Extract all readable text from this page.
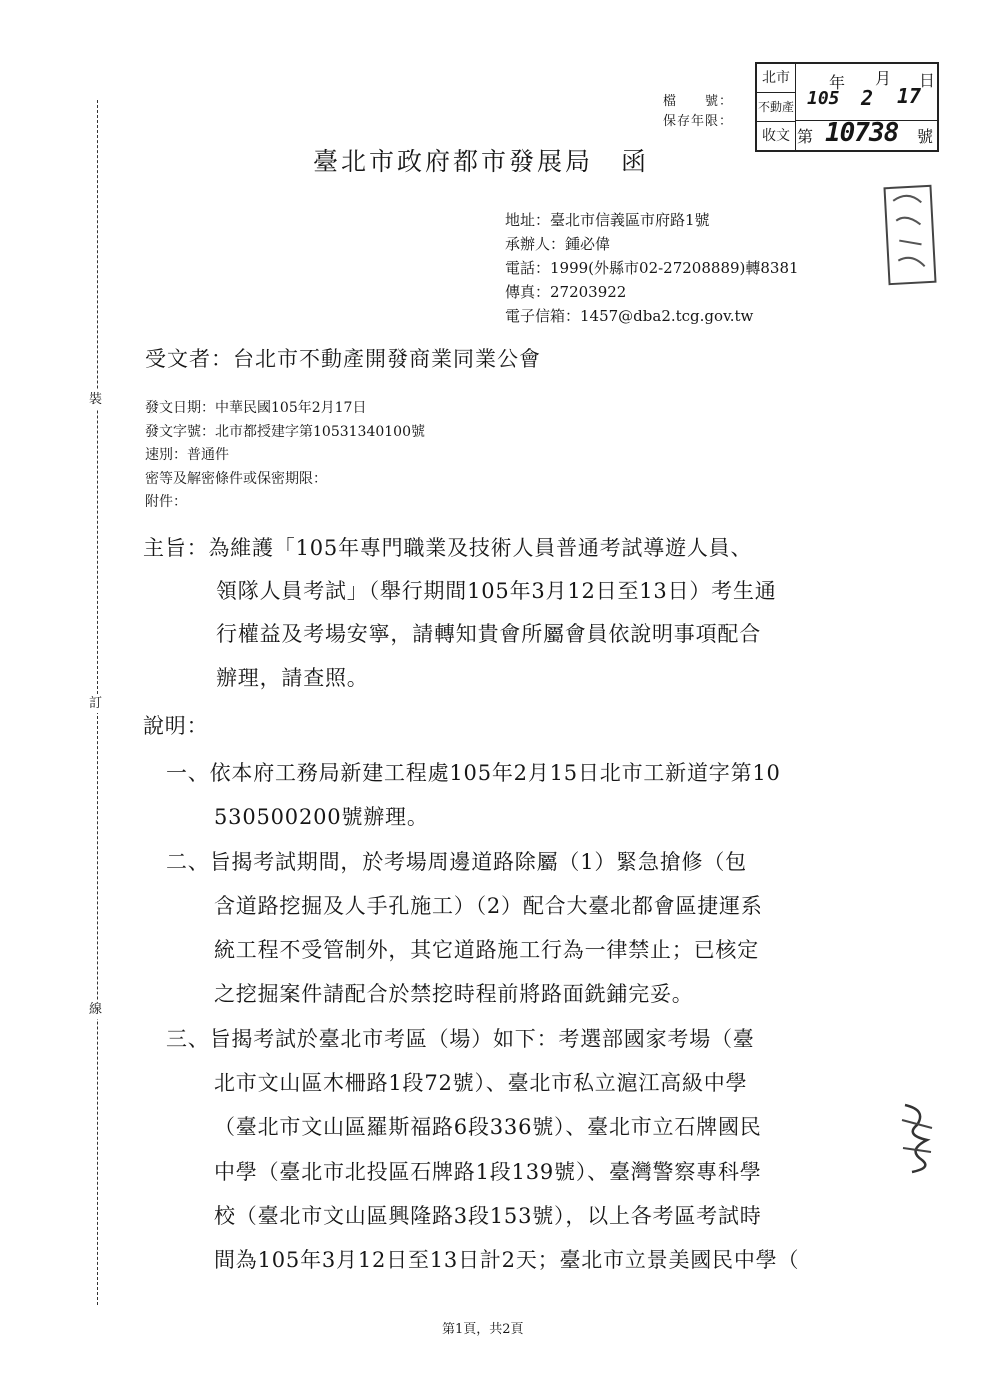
裝
訂
線
檔　　號：
保存年限：
北市
不動產
收文
年 月 日
105 2 17
第 10738 號
臺北市政府都市發展局　函
地址：臺北市信義區市府路1號
承辦人：鍾必偉
電話：1999(外縣市02-27208889)轉8381
傳真：27203922
電子信箱：1457@dba2.tcg.gov.tw
受文者：台北市不動產開發商業同業公會
發文日期：中華民國105年2月17日
發文字號：北市都授建字第10531340100號
速別：普通件
密等及解密條件或保密期限：
附件：
主旨：為維護「105年專門職業及技術人員普通考試導遊人員、
領隊人員考試」（舉行期間105年3月12日至13日）考生通
行權益及考場安寧，請轉知貴會所屬會員依說明事項配合
辦理，請查照。
說明：
一、依本府工務局新建工程處105年2月15日北市工新道字第10
530500200號辦理。
二、旨揭考試期間，於考場周邊道路除屬（1）緊急搶修（包
含道路挖掘及人手孔施工）（2）配合大臺北都會區捷運系
統工程不受管制外，其它道路施工行為一律禁止；已核定
之挖掘案件請配合於禁挖時程前將路面銑鋪完妥。
三、旨揭考試於臺北市考區（場）如下：考選部國家考場（臺
北市文山區木柵路1段72號）、臺北市私立滬江高級中學
（臺北市文山區羅斯福路6段336號）、臺北市立石牌國民
中學（臺北市北投區石牌路1段139號）、臺灣警察專科學
校（臺北市文山區興隆路3段153號），以上各考區考試時
間為105年3月12日至13日計2天；臺北市立景美國民中學（
第1頁，共2頁
